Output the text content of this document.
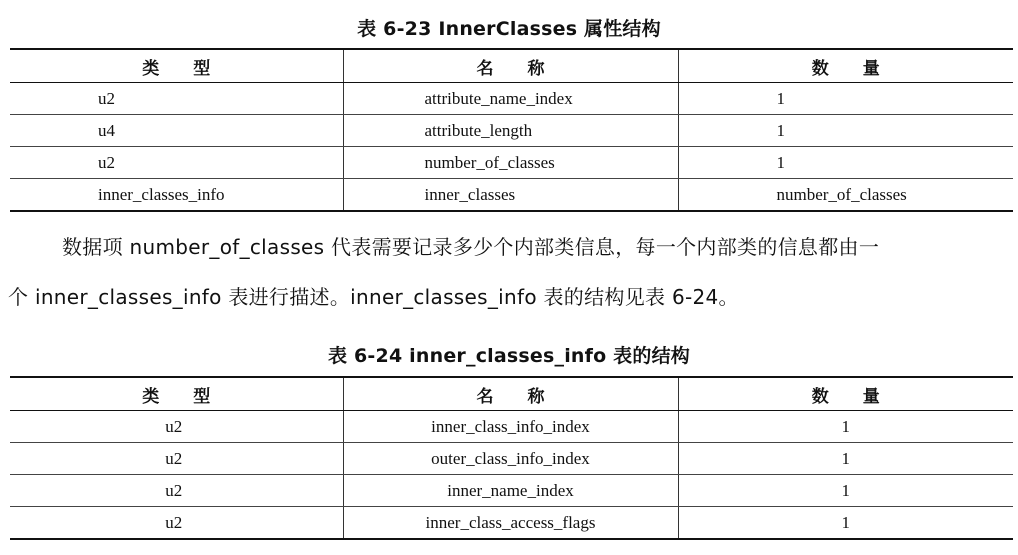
表 6-23 InnerClasses 属性结构
类　　型	名　　称	数　　量
u2	attribute_name_index	1
u4	attribute_length	1
u2	number_of_classes	1
inner_classes_info	inner_classes	number_of_classes
数据项 number_of_classes 代表需要记录多少个内部类信息，每一个内部类的信息都由一
个 inner_classes_info 表进行描述。inner_classes_info 表的结构见表 6-24。
表 6-24 inner_classes_info 表的结构
类　　型	名　　称	数　　量
u2	inner_class_info_index	1
u2	outer_class_info_index	1
u2	inner_name_index	1
u2	inner_class_access_flags	1
